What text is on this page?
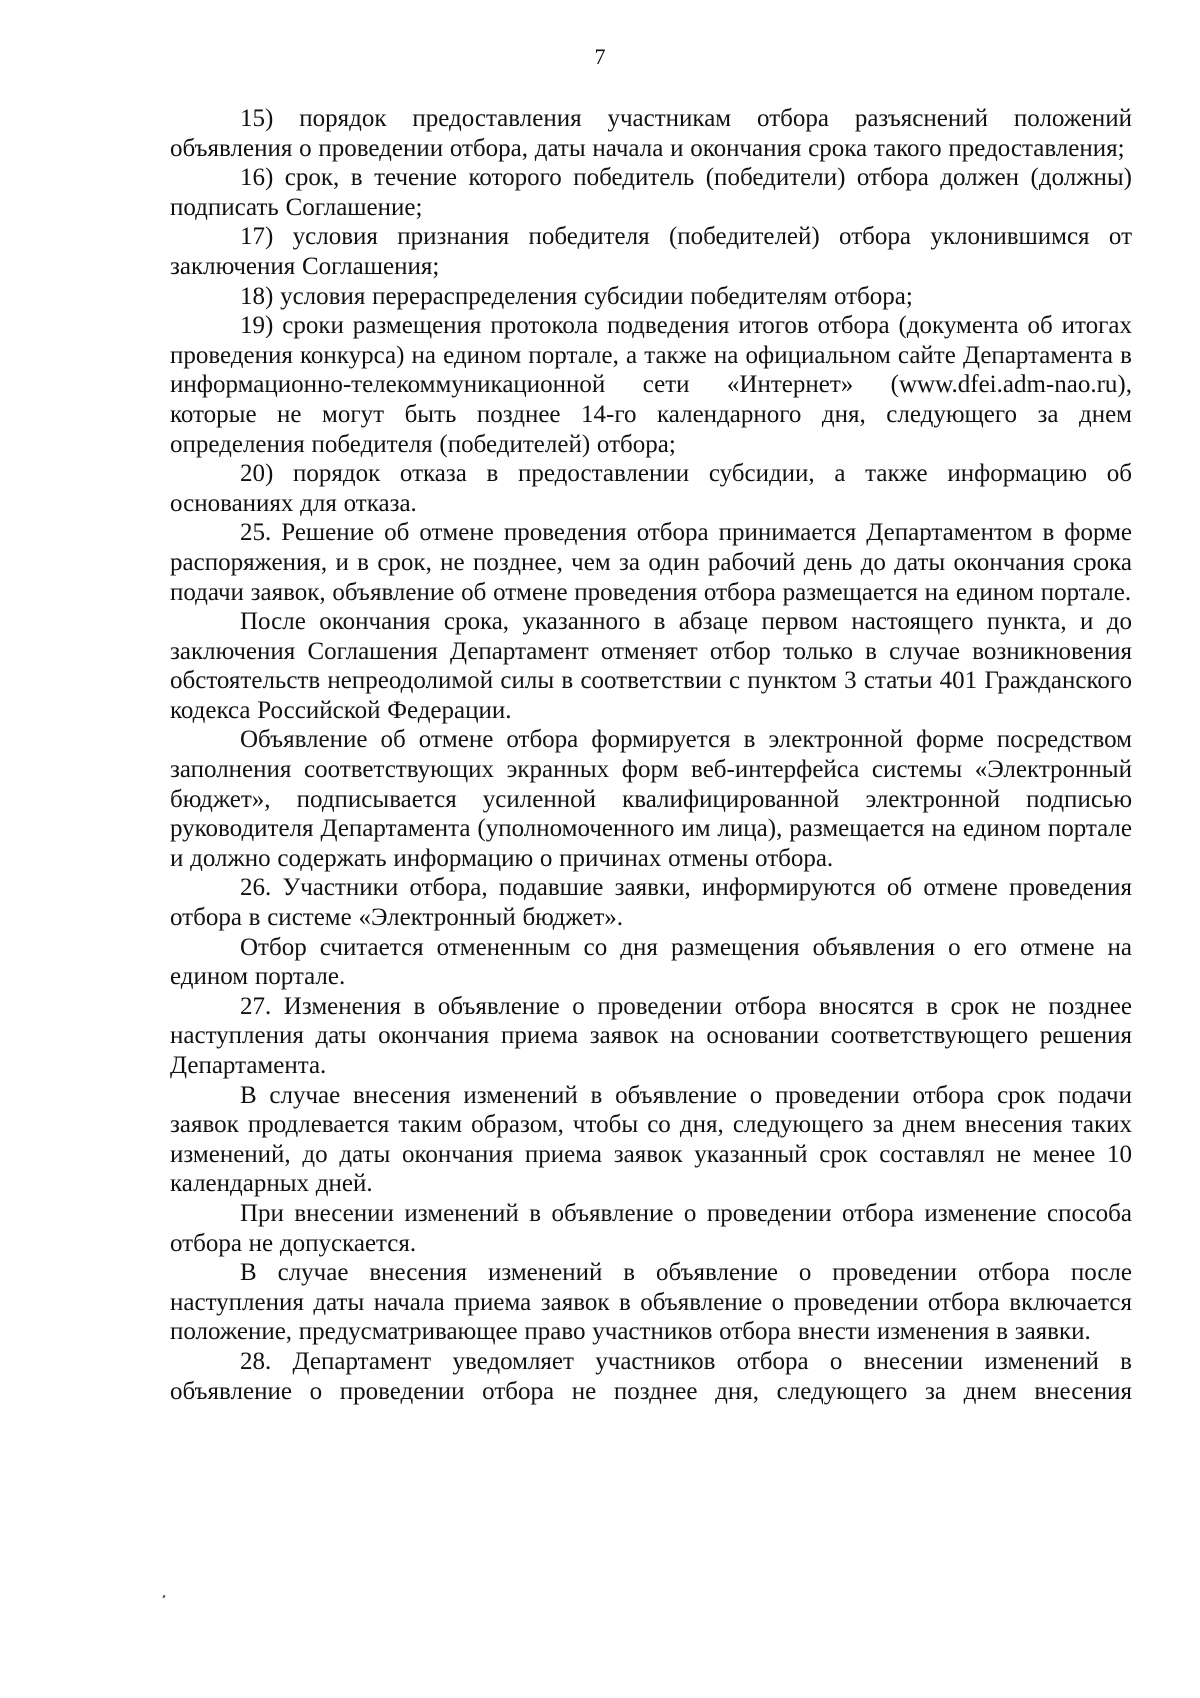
7

15) порядок предоставления участникам отбора разъяснений положений объявления о проведении отбора, даты начала и окончания срока такого предоставления;

16) срок, в течение которого победитель (победители) отбора должен (должны) подписать Соглашение;

17) условия признания победителя (победителей) отбора уклонившимся от заключения Соглашения;

18) условия перераспределения субсидии победителям отбора;

19) сроки размещения протокола подведения итогов отбора (документа об итогах проведения конкурса) на едином портале, а также на официальном сайте Департамента в информационно-телекоммуникационной сети «Интернет» (www.dfei.adm-nao.ru), которые не могут быть позднее 14-го календарного дня, следующего за днем определения победителя (победителей) отбора;

20) порядок отказа в предоставлении субсидии, а также информацию об основаниях для отказа.

25. Решение об отмене проведения отбора принимается Департаментом в форме распоряжения, и в срок, не позднее, чем за один рабочий день до даты окончания срока подачи заявок, объявление об отмене проведения отбора размещается на едином портале.

После окончания срока, указанного в абзаце первом настоящего пункта, и до заключения Соглашения Департамент отменяет отбор только в случае возникновения обстоятельств непреодолимой силы в соответствии с пунктом 3 статьи 401 Гражданского кодекса Российской Федерации.

Объявление об отмене отбора формируется в электронной форме посредством заполнения соответствующих экранных форм веб-интерфейса системы «Электронный бюджет», подписывается усиленной квалифицированной электронной подписью руководителя Департамента (уполномоченного им лица), размещается на едином портале и должно содержать информацию о причинах отмены отбора.

26. Участники отбора, подавшие заявки, информируются об отмене проведения отбора в системе «Электронный бюджет».

Отбор считается отмененным со дня размещения объявления о его отмене на едином портале.

27. Изменения в объявление о проведении отбора вносятся в срок не позднее наступления даты окончания приема заявок на основании соответствующего решения Департамента.

В случае внесения изменений в объявление о проведении отбора срок подачи заявок продлевается таким образом, чтобы со дня, следующего за днем внесения таких изменений, до даты окончания приема заявок указанный срок составлял не менее 10 календарных дней.

При внесении изменений в объявление о проведении отбора изменение способа отбора не допускается.

В случае внесения изменений в объявление о проведении отбора после наступления даты начала приема заявок в объявление о проведении отбора включается положение, предусматривающее право участников отбора внести изменения в заявки.

28. Департамент уведомляет участников отбора о внесении изменений в объявление о проведении отбора не позднее дня, следующего за днем внесения
